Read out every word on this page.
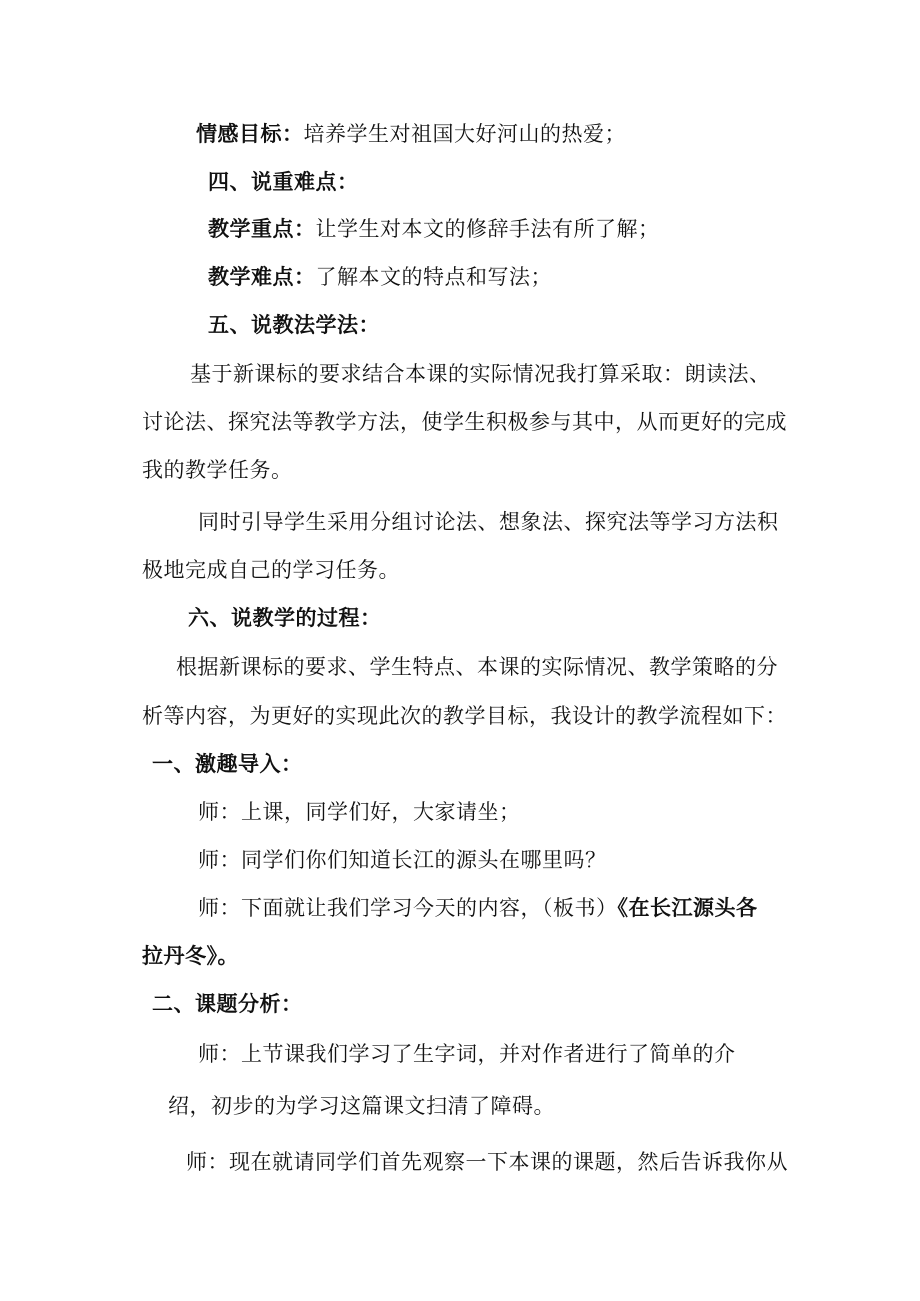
情感目标：培养学生对祖国大好河山的热爱；
四、说重难点：
教学重点：让学生对本文的修辞手法有所了解；
教学难点：了解本文的特点和写法；
五、说教法学法：
基于新课标的要求结合本课的实际情况我打算采取：朗读法、
讨论法、探究法等教学方法，使学生积极参与其中，从而更好的完成
我的教学任务。
同时引导学生采用分组讨论法、想象法、探究法等学习方法积
极地完成自己的学习任务。
六、说教学的过程：
根据新课标的要求、学生特点、本课的实际情况、教学策略的分
析等内容，为更好的实现此次的教学目标，我设计的教学流程如下：
一、激趣导入：
师：上课，同学们好，大家请坐；
师：同学们你们知道长江的源头在哪里吗？
师：下面就让我们学习今天的内容，（板书）《在长江源头各
拉丹冬》。
二、课题分析：
师：上节课我们学习了生字词，并对作者进行了简单的介
绍，初步的为学习这篇课文扫清了障碍。
师：现在就请同学们首先观察一下本课的课题，然后告诉我你从
